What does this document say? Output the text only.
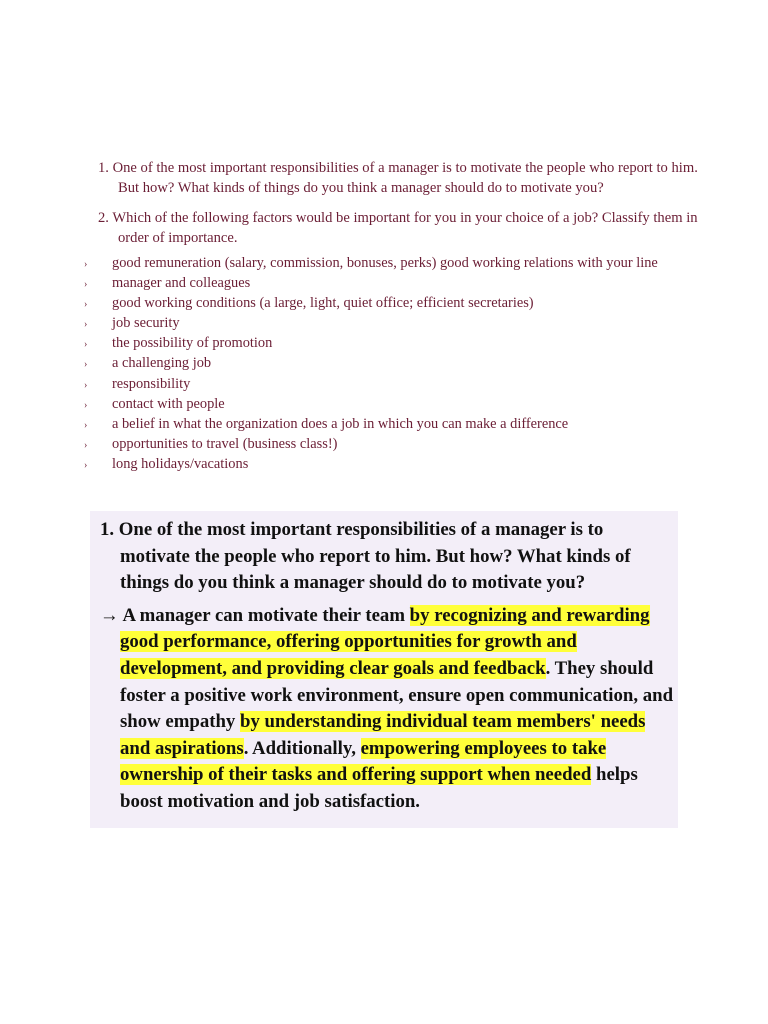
1. One of the most important responsibilities of a manager is to motivate the people who report to him. But how? What kinds of things do you think a manager should do to motivate you?

2. Which of the following factors would be important for you in your choice of a job? Classify them in order of importance.

› good remuneration (salary, commission, bonuses, perks) good working relations with your line
› manager and colleagues
› good working conditions (a large, light, quiet office; efficient secretaries)
› job security
› the possibility of promotion
› a challenging job
› responsibility
› contact with people
› a belief in what the organization does a job in which you can make a difference
› opportunities to travel (business class!)
› long holidays/vacations

1. One of the most important responsibilities of a manager is to motivate the people who report to him. But how? What kinds of things do you think a manager should do to motivate you?

→ A manager can motivate their team by recognizing and rewarding good performance, offering opportunities for growth and development, and providing clear goals and feedback. They should foster a positive work environment, ensure open communication, and show empathy by understanding individual team members' needs and aspirations. Additionally, empowering employees to take ownership of their tasks and offering support when needed helps boost motivation and job satisfaction.
